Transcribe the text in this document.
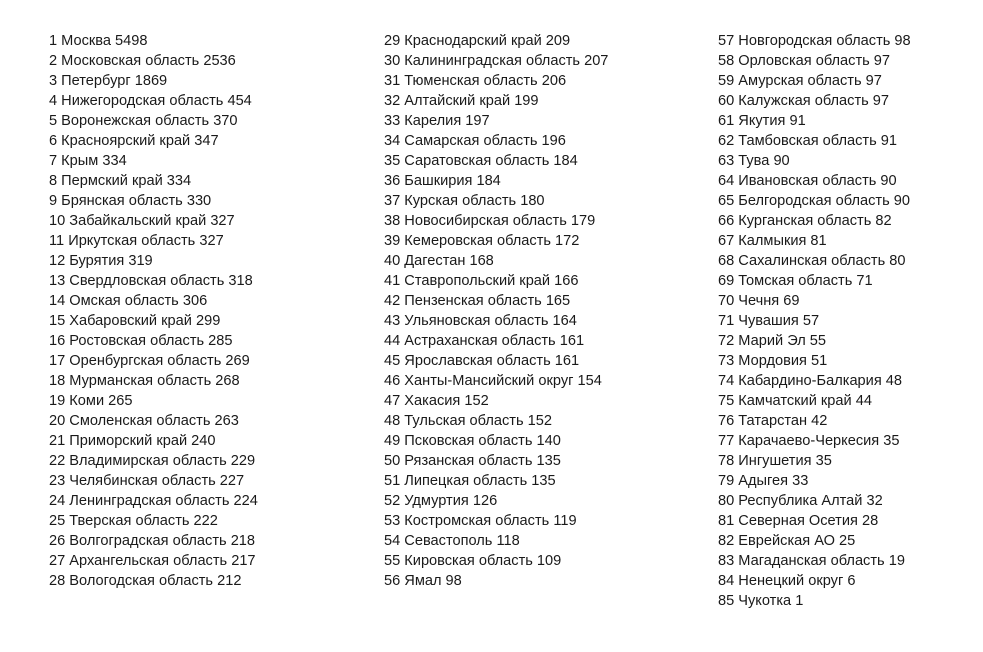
1 Москва 5498
2 Московская область 2536
3 Петербург 1869
4 Нижегородская область 454
5 Воронежская область 370
6 Красноярский край 347
7 Крым 334
8 Пермский край 334
9 Брянская область 330
10 Забайкальский край 327
11 Иркутская область 327
12 Бурятия 319
13 Свердловская область 318
14 Омская область 306
15 Хабаровский край 299
16 Ростовская область 285
17 Оренбургская область 269
18 Мурманская область 268
19 Коми 265
20 Смоленская область 263
21 Приморский край 240
22 Владимирская область 229
23 Челябинская область 227
24 Ленинградская область 224
25 Тверская область 222
26 Волгоградская область 218
27 Архангельская область 217
28 Вологодская область 212
29 Краснодарский край 209
30 Калининградская область 207
31 Тюменская область 206
32 Алтайский край 199
33 Карелия 197
34 Самарская область 196
35 Саратовская область 184
36 Башкирия 184
37 Курская область 180
38 Новосибирская область 179
39 Кемеровская область 172
40 Дагестан 168
41 Ставропольский край 166
42 Пензенская область 165
43 Ульяновская область 164
44 Астраханская область 161
45 Ярославская область 161
46 Ханты-Мансийский округ 154
47 Хакасия 152
48 Тульская область 152
49 Псковская область 140
50 Рязанская область 135
51 Липецкая область 135
52 Удмуртия 126
53 Костромская область 119
54 Севастополь 118
55 Кировская область 109
56 Ямал 98
57 Новгородская область 98
58 Орловская область 97
59 Амурская область 97
60 Калужская область 97
61 Якутия 91
62 Тамбовская область 91
63 Тува 90
64 Ивановская область 90
65 Белгородская область 90
66 Курганская область 82
67 Калмыкия 81
68 Сахалинская область 80
69 Томская область 71
70 Чечня 69
71 Чувашия 57
72 Марий Эл 55
73 Мордовия 51
74 Кабардино-Балкария 48
75 Камчатский край 44
76 Татарстан 42
77 Карачаево-Черкесия 35
78 Ингушетия 35
79 Адыгея 33
80 Республика Алтай 32
81 Северная Осетия 28
82 Еврейская АО 25
83 Магаданская область 19
84 Ненецкий округ 6
85 Чукотка 1
